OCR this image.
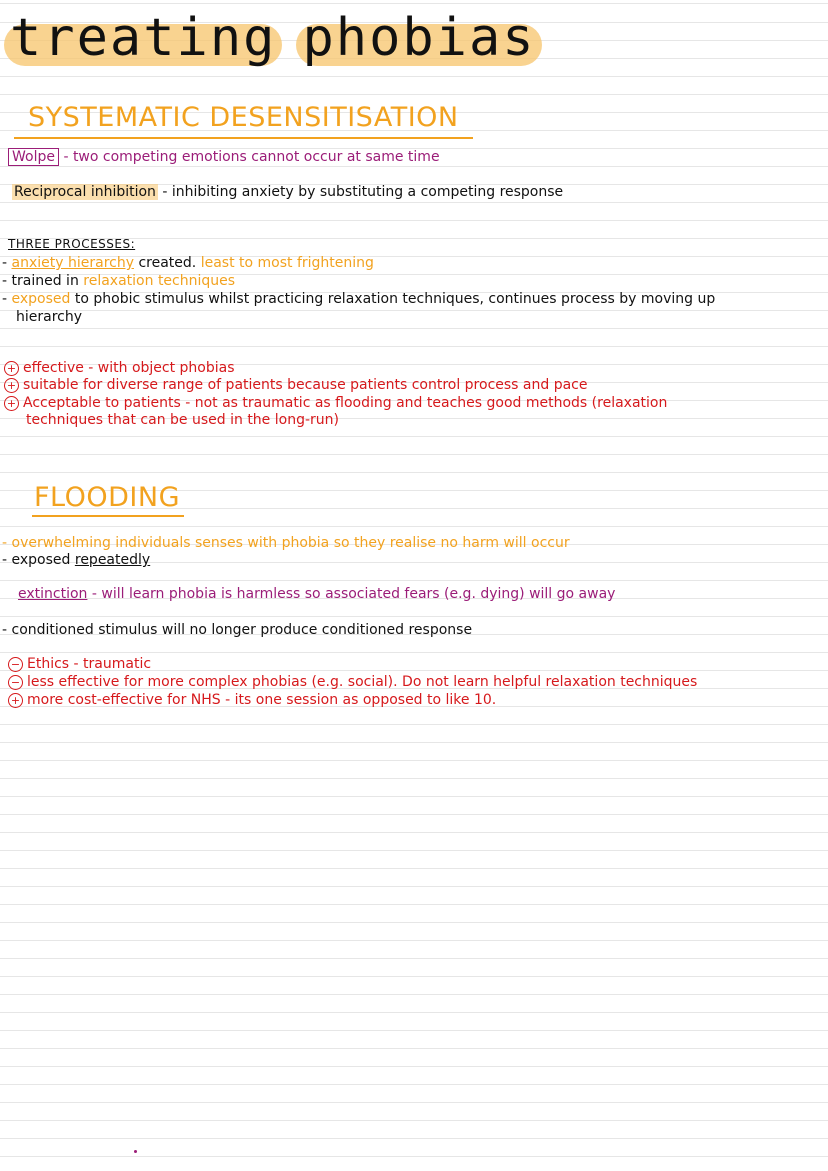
treating phobias
SYSTEMATIC DESENSITISATION
Wolpe - two competing emotions cannot occur at same time
Reciprocal inhibition - inhibiting anxiety by substituting a competing response
THREE PROCESSES:
- anxiety hierarchy created. least to most frightening
- trained in relaxation techniques
- exposed to phobic stimulus whilst practicing relaxation techniques, continues process by moving up
hierarchy
+ effective - with object phobias
+ suitable for diverse range of patients because patients control process and pace
+ Acceptable to patients - not as traumatic as flooding and teaches good methods (relaxation
techniques that can be used in the long-run)
FLOODING
- overwhelming individuals senses with phobia so they realise no harm will occur
- exposed repeatedly
extinction - will learn phobia is harmless so associated fears (e.g. dying) will go away
- conditioned stimulus will no longer produce conditioned response
− Ethics - traumatic
− less effective for more complex phobias (e.g. social). Do not learn helpful relaxation techniques
+ more cost-effective for NHS - its one session as opposed to like 10.
